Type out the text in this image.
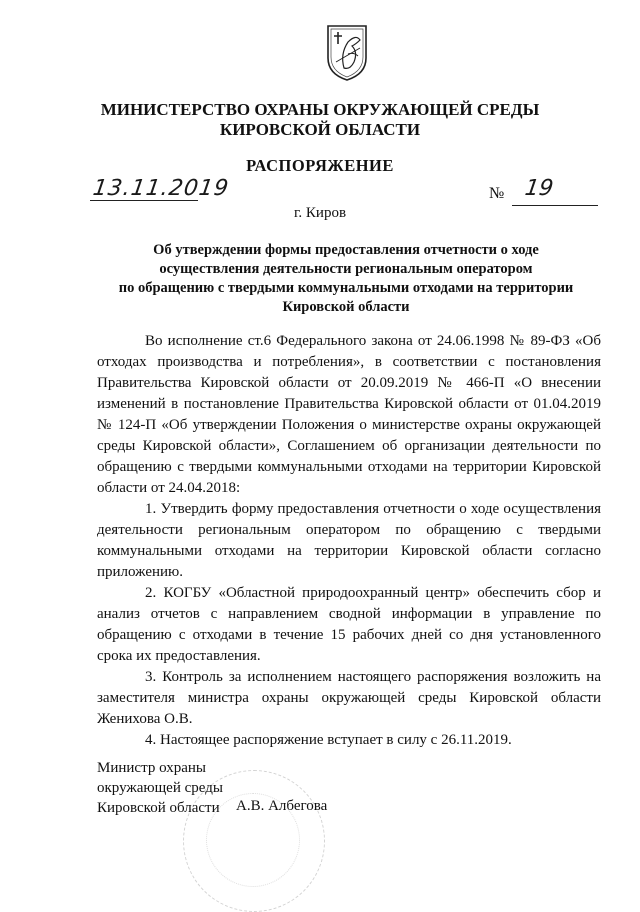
МИНИСТЕРСТВО ОХРАНЫ ОКРУЖАЮЩЕЙ СРЕДЫ
КИРОВСКОЙ ОБЛАСТИ
РАСПОРЯЖЕНИЕ
13.11.2019	№ 19
г. Киров
Об утверждении формы предоставления отчетности о ходе
осуществления деятельности региональным оператором
по обращению с твердыми коммунальными отходами на территории
Кировской области

Во исполнение ст.6 Федерального закона от 24.06.1998 № 89-ФЗ «Об отходах производства и потребления», в соответствии с постановления Правительства Кировской области от 20.09.2019 № 466-П «О внесении изменений в постановление Правительства Кировской области от 01.04.2019 № 124-П «Об утверждении Положения о министерстве охраны окружающей среды Кировской области», Соглашением об организации деятельности по обращению с твердыми коммунальными отходами на территории Кировской области от 24.04.2018:

1. Утвердить форму предоставления отчетности о ходе осуществления деятельности региональным оператором по обращению с твердыми коммунальными отходами на территории Кировской области согласно приложению.

2. КОГБУ «Областной природоохранный центр» обеспечить сбор и анализ отчетов с направлением сводной информации в управление по обращению с отходами в течение 15 рабочих дней со дня установленного срока их предоставления.

3. Контроль за исполнением настоящего распоряжения возложить на заместителя министра охраны окружающей среды Кировской области Женихова О.В.

4. Настоящее распоряжение вступает в силу с 26.11.2019.

Министр охраны
окружающей среды
Кировской области А.В. Албегова
